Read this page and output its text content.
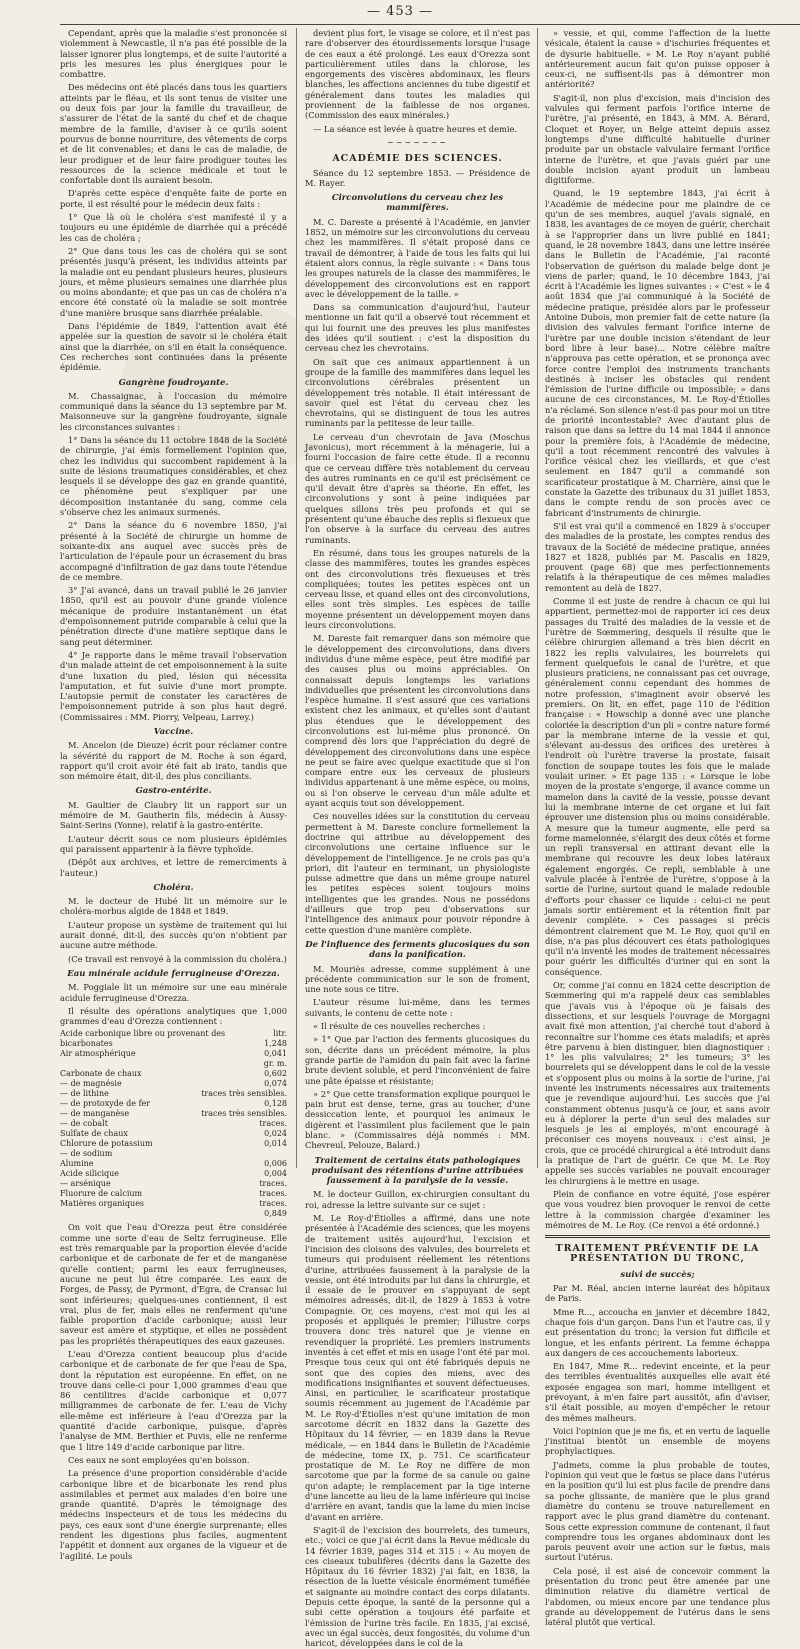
— 453 —

Cependant, après que la maladie s'est prononcée si violemment à Newcastle, il n'a pas été possible de la laisser ignorer plus longtemps, et de suite l'autorité a pris les mesures les plus énergiques pour le combattre.

Des médecins ont été placés dans tous les quartiers atteints par le fléau, et ils sont tenus de visiter une ou deux fois par jour la famille du travailleur, de s'assurer de l'état de la santé du chef et de chaque membre de la famille, d'aviser à ce qu'ils soient pourvus de bonne nourriture, des vêtements de corps et de lit convenables; et dans le cas de maladie, de leur prodiguer et de leur faire prodiguer toutes les ressources de la science médicale et tout le confortable dont ils auraient besoin.

D'après cette espèce d'enquête faite de porte en porte, il est résulté pour le médecin deux faits :

1° Que là où le choléra s'est manifesté il y a toujours eu une épidémie de diarrhée qui a précédé les cas de choléra ;

2° Que dans tous les cas de choléra qui se sont présentés jusqu'à présent, les individus atteints par la maladie ont eu pendant plusieurs heures, plusieurs jours, et même plusieurs semaines une diarrhée plus ou moins abondante; et que pas un cas de choléra n'a encore été constaté où la maladie se soit montrée d'une manière brusque sans diarrhée préalable.

Dans l'épidémie de 1849, l'attention avait été appelée sur la question de savoir si le choléra était ainsi que la diarrhée, on s'il en était la conséquence. Ces recherches sont continuées dans la présente épidémie.

Gangrène foudroyante.

M. Chassaignac, à l'occasion du mémoire communiqué dans la séance du 13 septembre par M. Maisonneuve sur la gangrène foudroyante, signale les circonstances suivantes :

1° Dans la séance du 11 octobre 1848 de la Société de chirurgie, j'ai émis formellement l'opinion que, chez les individus qui succombent rapidement à la suite de lésions traumatiques considérables, et chez lesquels il se développe des gaz en grande quantité, ce phénomène peut s'expliquer par une décomposition instantanée du sang, comme cela s'observe chez les animaux surmenés.

2° Dans la séance du 6 novembre 1850, j'ai présenté à la Société de chirurgie un homme de soixante-dix ans auquel avec succès près de l'articulation de l'épaule pour un écrasement du bras accompagné d'infiltration de gaz dans toute l'étendue de ce membre.

3° J'ai avancé, dans un travail publié le 26 janvier 1850, qu'il est au pouvoir d'une grande violence mécanique de produire instantanément un état d'empoisonnement putride comparable à celui que la pénétration directe d'une matière septique dans le sang peut déterminer.

4° Je rapporte dans le même travail l'observation d'un malade atteint de cet empoisonnement à la suite d'une luxation du pied, lésion qui nécessita l'amputation, et fut suivie d'une mort prompte. L'autopsie permit de constater les caractères de l'empoisonnement putride à son plus haut degré. (Commissaires : MM. Piorry, Velpeau, Larrey.)

Vaccine.

M. Ancelon (de Dieuze) écrit pour réclamer contre la sévérité du rapport de M. Roche à son égard, rapport qu'il croit avoir été fait ab irato, tandis que son mémoire était, dit-il, des plus conciliants.

Gastro-entérite.

M. Gaultier de Claubry lit un rapport sur un mémoire de M. Gautherin fils, médecin à Aussy-Saint-Serins (Yonne), relatif à la gastro-entérite.

L'auteur décrit sous ce nom plusieurs épidémies qui paraissent appartenir à la fièvre typhoïde.

(Dépôt aux archives, et lettre de remerciments à l'auteur.)

Choléra.

M. le docteur de Hubé lit un mémoire sur le choléra-morbus algide de 1848 et 1849.

L'auteur propose un système de traitement qui lui aurait donné, dit-il, des succès qu'on n'obtient par aucune autre méthode.

(Ce travail est renvoyé à la commission du choléra.)

Eau minérale acidule ferrugineuse d'Orezza.

M. Poggiale lit un mémoire sur une eau minérale acidule ferrugineuse d'Orezza.

Il résulte des opérations analytiques que 1,000 grammes d'eau d'Orezza contiennent :

Acide carbonique libre ou provenant des	litr.
bicarbonates	1,248
Air atmosphérique	0,041
gr. m.
Carbonate de chaux	0,602
— de magnésie	0,074
— de lithine	traces très sensibles.
— de protoxyde de fer	0,128
— de manganèse	traces très sensibles.
— de cobalt	traces.
Sulfate de chaux	0,024
Chlorure de potassium	0,014
— de sodium
Alumine	0,006
Acide silicique	0,004
— arsénique	traces.
Fluorure de calcium	traces.
Matières organiques	traces.
0,849

On voit que l'eau d'Orezza peut être considérée comme une sorte d'eau de Seltz ferrugineuse. Elle est très remarquable par la proportion élevée d'acide carbonique et de carbonate de fer et de manganèse qu'elle contient; parmi les eaux ferrugineuses, aucune ne peut lui être comparée. Les eaux de Forges, de Passy, de Pyrmont, d'Egra, de Cransac lui sont inférieures; quelques-unes contiennent, il est vrai, plus de fer, mais elles ne renferment qu'une faible proportion d'acide carbonique; aussi leur saveur est amère et styptique, et elles ne possèdent pas les propriétés thérapeutiques des eaux gazeuses.

L'eau d'Orezza contient beaucoup plus d'acide carbonique et de carbonate de fer que l'eau de Spa, dont la réputation est européenne. En effet, on ne trouve dans celle-ci pour 1,000 grammes d'eau que 86 centilitres d'acide carbonique et 0,077 milligrammes de carbonate de fer. L'eau de Vichy elle-même est inférieure à l'eau d'Orezza par la quantité d'acide carbonique, puisque, d'après l'analyse de MM. Berthier et Puvis, elle ne renferme que 1 litre 149 d'acide carbonique par litre.

Ces eaux ne sont employées qu'en boisson.

La présence d'une proportion considérable d'acide carbonique libre et de bicarbonate les rend plus assimilables et permet aux malades d'en boire une grande quantité. D'après le témoignage des médecins inspecteurs et de tous les médecins du pays, ces eaux sont d'une énergie surprenante; elles rendent les digestions plus faciles, augmentent l'appétit et donnent aux organes de la vigueur et de l'agilité. Le pouls

devient plus fort, le visage se colore, et il n'est pas rare d'observer des étourdissements lorsque l'usage de ces eaux a été prolongé. Les eaux d'Orezza sont particulièrement utiles dans la chlorose, les engorgements des viscères abdominaux, les fleurs blanches, les affections anciennes du tube digestif et généralement dans toutes les maladies qui proviennent de la faiblesse de nos organes. (Commission des eaux minérales.)

— La séance est levée à quatre heures et demie.

~~~~~~~
ACADÉMIE DES SCIENCES.

Séance du 12 septembre 1853. — Présidence de M. Rayer.

Circonvolutions du cerveau chez les mammifères.

M. C. Dareste a présenté à l'Académie, en janvier 1852, un mémoire sur les circonvolutions du cerveau chez les mammifères. Il s'était proposé dans ce travail de démontrer, à l'aide de tous les faits qui lui étaient alors connus, la règle suivante : « Dans tous les groupes naturels de la classe des mammifères, le développement des circonvolutions est en rapport avec le développement de la taille. »

Dans sa communication d'aujourd'hui, l'auteur mentionne un fait qu'il a observé tout récemment et qui lui fournit une des preuves les plus manifestes des idées qu'il soutient : c'est la disposition du cerveau chez les chevrotains.

On sait que ces animaux appartiennent à un groupe de la famille des mammifères dans lequel les circonvolutions cérébrales présentent un développement très notable. Il était intéressant de savoir quel est l'état du cerveau chez les chevrotains, qui se distinguent de tous les autres ruminants par la petitesse de leur taille.

Le cerveau d'un chevrotain de Java (Moschus Javonicus), mort récemment à la ménagerie, lui a fourni l'occasion de faire cette étude. Il a reconnu que ce cerveau diffère très notablement du cerveau des autres ruminants en ce qu'il est précisément ce qu'il devait être d'après sa théorie. En effet, les circonvolutions y sont à peine indiquées par quelques sillons très peu profonds et qui se présentent qu'une ébauche des replis si flexueux que l'on observe à la surface du cerveau des autres ruminants.

En résumé, dans tous les groupes naturels de la classe des mammifères, toutes les grandes espèces ont des circonvolutions très flexueuses et très compliquées; toutes les petites espèces ont un cerveau lisse, et quand elles ont des circonvolutions, elles sont très simples. Les espèces de taille moyenne présentent un développement moyen dans leurs circonvolutions.

M. Dareste fait remarquer dans son mémoire que le développement des circonvolutions, dans divers individus d'une même espèce, peut être modifié par des causes plus ou moins appréciables. On connaissait depuis longtemps les variations individuelles que présentent les circonvolutions dans l'espèce humaine. Il s'est assuré que ces variations existent chez les animaux, et qu'elles sont d'autant plus étendues que le développement des circonvolutions est lui-même plus prononcé. On comprend dès lors que l'appréciation du degré de développement des circonvolutions dans une espèce ne peut se faire avec quelque exactitude que si l'on compare entre eux les cerveaux de plusieurs individus appartenant à une même espèce, ou moins, ou si l'on observe le cerveau d'un mâle adulte et ayant acquis tout son développement.

Ces nouvelles idées sur la constitution du cerveau permettent à M. Dareste conclure formellement la doctrine qui attribue au développement des circonvolutions une certaine influence sur le développement de l'intelligence. Je ne crois pas qu'a priori, dit l'auteur en terminant, un physiologiste puisse admettre que dans un même groupe naturel les petites espèces soient toujours moins intelligentes que les grandes. Nous ne possédons d'ailleurs que trop peu d'observations sur l'intelligence des animaux pour pouvoir répondre à cette question d'une manière complète.

De l'influence des ferments glucosiques du son dans la panification.

M. Mouriès adresse, comme supplément à une précédente communication sur le son de froment, une note sous ce titre.

L'auteur résume lui-même, dans les termes suivants, le contenu de cette note :

« Il résulte de ces nouvelles recherches :

» 1° Que par l'action des ferments glucosiques du son, décrite dans un précédent mémoire, la plus grande partie de l'amidon du pain fait avec la farine brute devient soluble, et perd l'inconvénient de faire une pâte épaisse et résistante;

» 2° Que cette transformation explique pourquoi le pain brut est dense, terne, gras au toucher, d'une dessiccation lente, et pourquoi les animaux le digèrent et l'assimilent plus facilement que le pain blanc. » (Commissaires déjà nommés : MM. Chevreul, Pelouze, Balard.)

Traitement de certains états pathologiques produisant des rétentions d'urine attribuées faussement à la paralysie de la vessie.

M. le docteur Guillon, ex-chirurgien consultant du roi, adresse la lettre suivante sur ce sujet :

M. Le Roy-d'Étiolles a affirmé, dans une note présentée à l'Académie des sciences, que les moyens de traitement usités aujourd'hui, l'excision et l'incision des cloisons des valvules, des bourrelets et tumeurs qui produisent réellement les rétentions d'urine, attribuées faussement à la paralysie de la vessie, ont été introduits par lui dans la chirurgie, et il essaie de le prouver en s'appuyant de sept mémoires adressés, dit-il, de 1829 à 1853 à votre Compagnie. Or, ces moyens, c'est moi qui les ai proposés et appliqués le premier; l'illustre corps trouvera donc très naturel que je vienne en revendiquer la propriété. Les premiers instruments inventés à cet effet et mis en usage l'ont été par moi. Presque tous ceux qui ont été fabriqués depuis ne sont que des copies des miens, avec des modifications insignifiantes et souvent défectueuses. Ainsi, en particulier, le scarificateur prostatique soumis récemment au jugement de l'Académie par M. Le Roy-d'Étiolles n'est qu'une imitation de mon sarcotome décrit en 1832 dans la Gazette des Hôpitaux du 14 février, — en 1839 dans la Revue médicale, — en 1844 dans le Bulletin de l'Académie de médecine, tome IX, p. 751. Ce scarificateur prostatique de M. Le Roy ne diffère de mon sarcotome que par la forme de sa canule ou gaine qu'on adapte; le remplacement par la tige interne d'une lancette au lieu de la lame inférieure qui incise d'arrière en avant, tandis que la lame du mien incise d'avant en arrière.

S'agit-il de l'excision des bourrelets, des tumeurs, etc.; voici ce que j'ai écrit dans la Revue médicale du 14 février 1839, pages 314 et 315 : « Au moyen de ces ciseaux tubulifères (décrits dans la Gazette des Hôpitaux du 16 février 1832) j'ai fait, en 1838, la résection de la luette vésicale énormément tuméfiée et saignante au moindre contact des corps dilatants. Depuis cette époque, la santé de la personne qui a subi cette opération a toujours été parfaite et l'émission de l'urine très facile. En 1835, j'ai excisé, avec un égal succès, deux fongosités, du volume d'un haricot, développées dans le col de la

» vessie, et qui, comme l'affection de la luette vésicale, étaient la cause » d'ischuries fréquentes et de dysurie habituelle. » M. Le Roy n'ayant publié antérieurement aucun fait qu'on puisse opposer à ceux-ci, ne suffisent-ils pas à démontrer mon antériorité?

S'agit-il, non plus d'excision, mais d'incision des valvules qui ferment parfois l'orifice interne de l'urètre, j'ai présenté, en 1843, à MM. A. Bérard, Cloquet et Royer, un Belge atteint depuis assez longtemps d'une difficulté habituelle d'uriner produite par un obstacle valvulaire fermant l'orifice interne de l'urètre, et que j'avais guéri par une double incision ayant produit un lambeau digitiforme.

Quand, le 19 septembre 1843, j'ai écrit à l'Académie de médecine pour me plaindre de ce qu'un de ses membres, auquel j'avais signalé, en 1838, les avantages de ce moyen de guérir, cherchait à se l'approprier dans un livre publié en 1841; quand, le 28 novembre 1843, dans une lettre insérée dans le Bulletin de l'Académie, j'ai raconté l'observation de guérison du malade belge dont je viens de parler; quand, le 10 décembre 1843, j'ai écrit à l'Académie les lignes suivantes : « C'est » le 4 août 1834 que j'ai communiqué à la Société de médecine pratique, présidée alors par le professeur Antoine Dubois, mon premier fait de cette nature (la division des valvules fermant l'orifice interne de l'urètre par une double incision s'étendant de leur bord libre à leur base)... Notre célèbre maître n'approuva pas cette opération, et se prononça avec force contre l'emploi des instruments tranchants destinés à inciser les obstacles qui rendent l'émission de l'urine difficile ou impossible; » dans aucune de ces circonstances, M. Le Roy-d'Étiolles n'a réclamé. Son silence n'est-il pas pour moi un titre de priorité incontestable? Avec d'autant plus de raison que dans sa lettre du 14 mai 1844 il annonce pour la première fois, à l'Académie de médecine, qu'il a tout récemment rencontré des valvules à l'orifice vésical chez les vieillards, et que c'est seulement en 1847 qu'il a commandé son scarificateur prostatique à M. Charrière, ainsi que le constate la Gazette des tribunaux du 31 juillet 1853, dans le compte rendu de son procès avec ce fabricant d'instruments de chirurgie.

S'il est vrai qu'il a commencé en 1829 à s'occuper des maladies de la prostate, les comptes rendus des travaux de la Société de médecine pratique, années 1827 et 1828, publiés par M. Pascalis en 1829, prouvent (page 68) que mes perfectionnements relatifs à la thérapeutique de ces mêmes maladies remontent au delà de 1827.

Comme il est juste de rendre à chacun ce qui lui appartient, permettez-moi de rapporter ici ces deux passages du Traité des maladies de la vessie et de l'urètre de Sœmmering, desquels il résulte que le célèbre chirurgien allemand a très bien décrit en 1822 les replis valvulaires, les bourrelets qui ferment quelquefois le canal de l'urètre, et que plusieurs praticiens, ne connaissant pas cet ouvrage, généralement connu cependant des hommes de notre profession, s'imaginent avoir observé les premiers. On lit, en effet, page 110 de l'édition française : « Howschip a donné avec une planche coloriée la description d'un pli » contre nature formé par la membrane interne de la vessie et qui, s'élevant au-dessus des orifices des uretères à l'endroit où l'urètre traverse la prostate, faisait fonction de soupape toutes les fois que le malade voulait uriner. » Et page 135 : « Lorsque le lobe moyen de la prostate s'engorge, il avance comme un mamelon dans la cavité de la vessie, pousse devant lui la membrane interne de cet organe et lui fait éprouver une distension plus ou moins considérable. A mesure que la tumeur augmente, elle perd sa forme mamelonnée, s'élargit des deux côtés et forme un repli transversal en attirant devant elle la membrane qui recouvre les deux lobes latéraux également engorgés. Ce repli, semblable à une valvule placée à l'entrée de l'urètre, s'oppose à la sortie de l'urine, surtout quand le malade redouble d'efforts pour chasser ce liquide : celui-ci ne peut jamais sortir entièrement et la rétention finit par devenir complète. » Ces passages si précis démontrent clairement que M. Le Roy, quoi qu'il en dise, n'a pas plus découvert ces états pathologiques qu'il n'a inventé les modes de traitement nécessaires pour guérir les difficultés d'uriner qui en sont la conséquence.

Or, comme j'ai connu en 1824 cette description de Sœmmering qui m'a rappelé deux cas semblables que j'avais vus à l'époque où je faisais des dissections, et sur lesquels l'ouvrage de Morgagni avait fixé mon attention, j'ai cherché tout d'abord à reconnaître sur l'homme ces états maladifs; et après être parvenu à bien distinguer, bien diagnostiquer : 1° les plis valvulaires; 2° les tumeurs; 3° les bourrelets qui se développent dans le col de la vessie et s'opposent plus ou moins à la sortie de l'urine, j'ai inventé les instruments nécessaires aux traitements que je revendique aujourd'hui. Les succès que j'ai constamment obtenus jusqu'à ce jour, et sans avoir eu à déplorer la perte d'un seul des malades sur lesquels je les ai employés, m'ont encouragé à préconiser ces moyens nouveaux : c'est ainsi, je crois, que ce procédé chirurgical a été introduit dans la pratique de l'art de guérir. Ce que M. Le Roy appelle ses succès variables ne pouvait encourager les chirurgiens à le mettre en usage.

Plein de confiance en votre équité, j'ose espérer que vous voudrez bien provoquer le renvoi de cette lettre à la commission chargée d'examiner les mémoires de M. Le Roy. (Ce renvoi a été ordonné.)

TRAITEMENT PRÉVENTIF DE LA PRÉSENTATION DU TRONC,
suivi de succès;

Par M. Réal, ancien interne lauréat des hôpitaux de Paris.

Mme R..., accoucha en janvier et décembre 1842, chaque fois d'un garçon. Dans l'un et l'autre cas, il y eut présentation du tronc; la version fut difficile et longue, et les enfants périrent. La femme échappa aux dangers de ces accouchements laborieux.

En 1847, Mme R... redevint enceinte, et la peur des terribles éventualités auxquelles elle avait été exposée engagea son mari, homme intelligent et prévoyant, à m'en faire part aussitôt, afin d'aviser, s'il était possible, au moyen d'empêcher le retour des mêmes malheurs.

Voici l'opinion que je me fis, et en vertu de laquelle j'instituai bientôt un ensemble de moyens prophylactiques.

J'admets, comme la plus probable de toutes, l'opinion qui veut que le fœtus se place dans l'utérus en la position qu'il lui est plus facile de prendre dans sa poche glissante, de manière que le plus grand diamètre du contenu se trouve naturellement en rapport avec le plus grand diamètre du contenant. Sous cette expression commune de contenant, il faut comprendre tous les organes abdominaux dont les parois peuvent avoir une action sur le fœtus, mais surtout l'utérus.

Cela posé, il est aisé de concevoir comment la présentation du tronc peut être amenée par une diminution relative du diamètre vertical de l'abdomen, ou mieux encore par une tendance plus grande au développement de l'utérus dans le sens latéral plutôt que vertical.
